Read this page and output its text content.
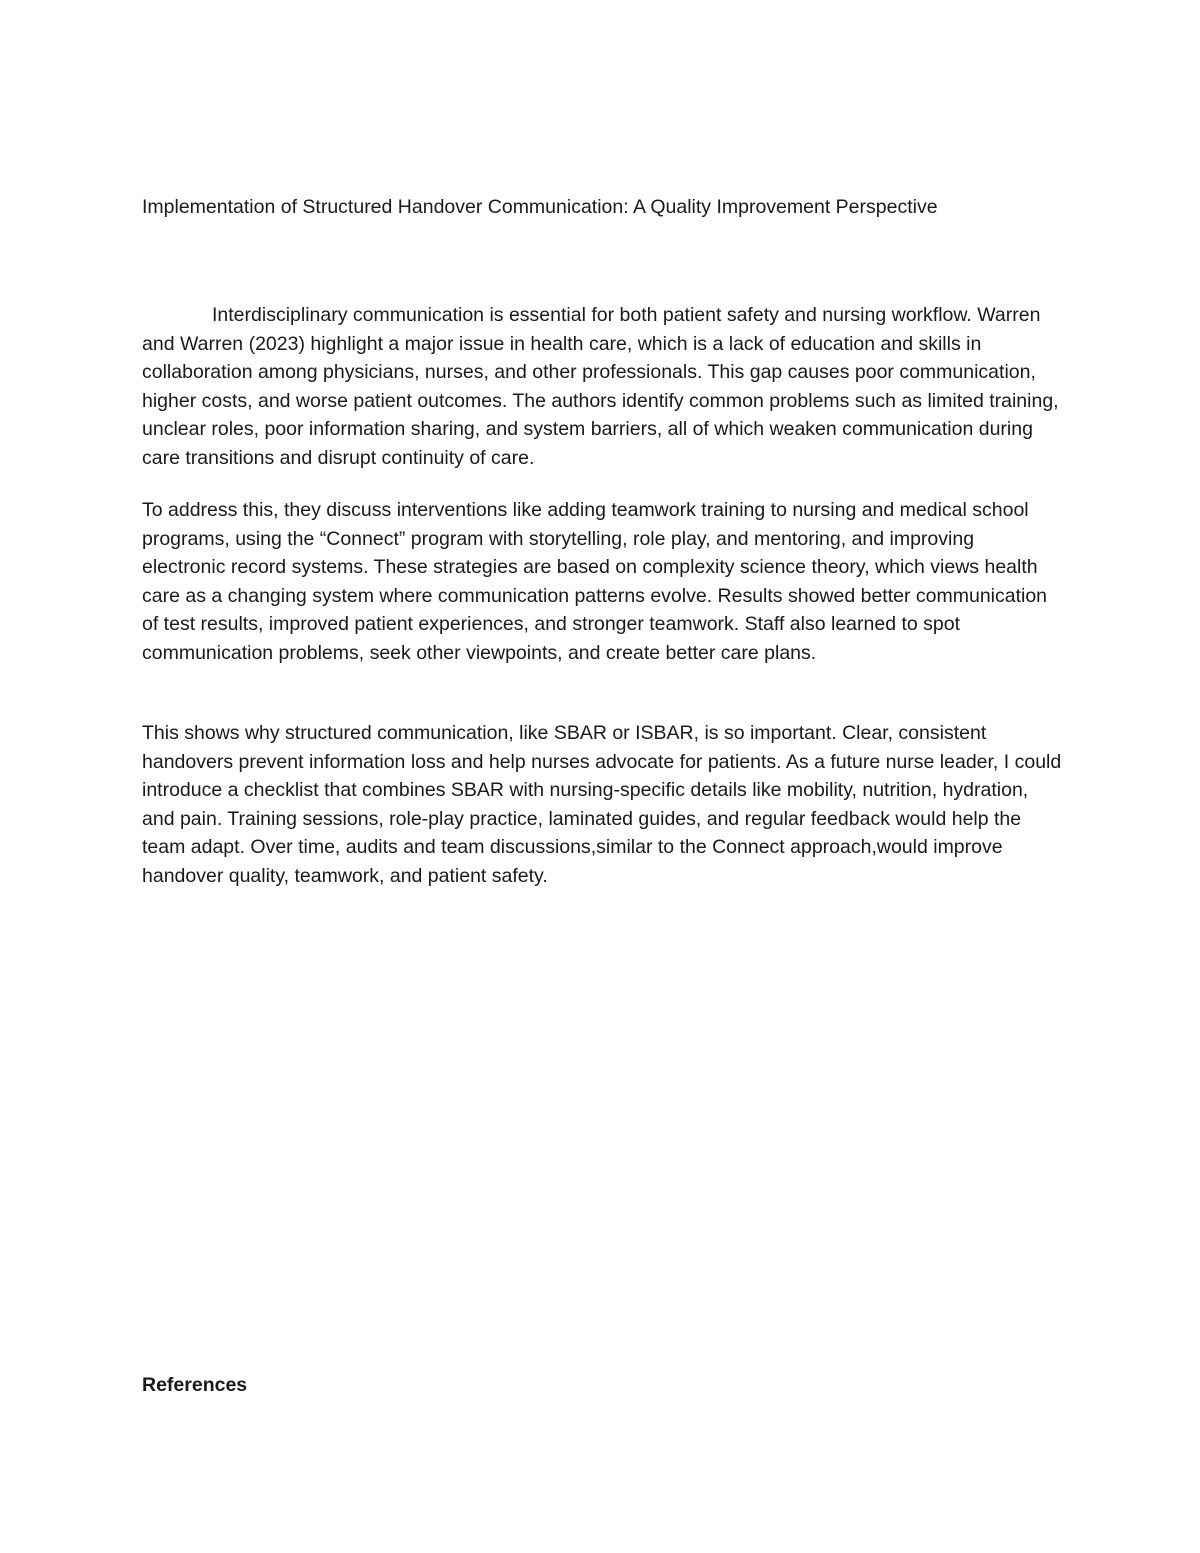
Implementation of Structured Handover Communication: A Quality Improvement Perspective

Interdisciplinary communication is essential for both patient safety and nursing workflow. Warren and Warren (2023) highlight a major issue in health care, which is a lack of education and skills in collaboration among physicians, nurses, and other professionals. This gap causes poor communication, higher costs, and worse patient outcomes. The authors identify common problems such as limited training, unclear roles, poor information sharing, and system barriers, all of which weaken communication during care transitions and disrupt continuity of care.

To address this, they discuss interventions like adding teamwork training to nursing and medical school programs, using the “Connect” program with storytelling, role play, and mentoring, and improving electronic record systems. These strategies are based on complexity science theory, which views health care as a changing system where communication patterns evolve. Results showed better communication of test results, improved patient experiences, and stronger teamwork. Staff also learned to spot communication problems, seek other viewpoints, and create better care plans.

This shows why structured communication, like SBAR or ISBAR, is so important. Clear, consistent handovers prevent information loss and help nurses advocate for patients. As a future nurse leader, I could introduce a checklist that combines SBAR with nursing-specific details like mobility, nutrition, hydration, and pain. Training sessions, role-play practice, laminated guides, and regular feedback would help the team adapt. Over time, audits and team discussions,similar to the Connect approach,would improve handover quality, teamwork, and patient safety.

References
